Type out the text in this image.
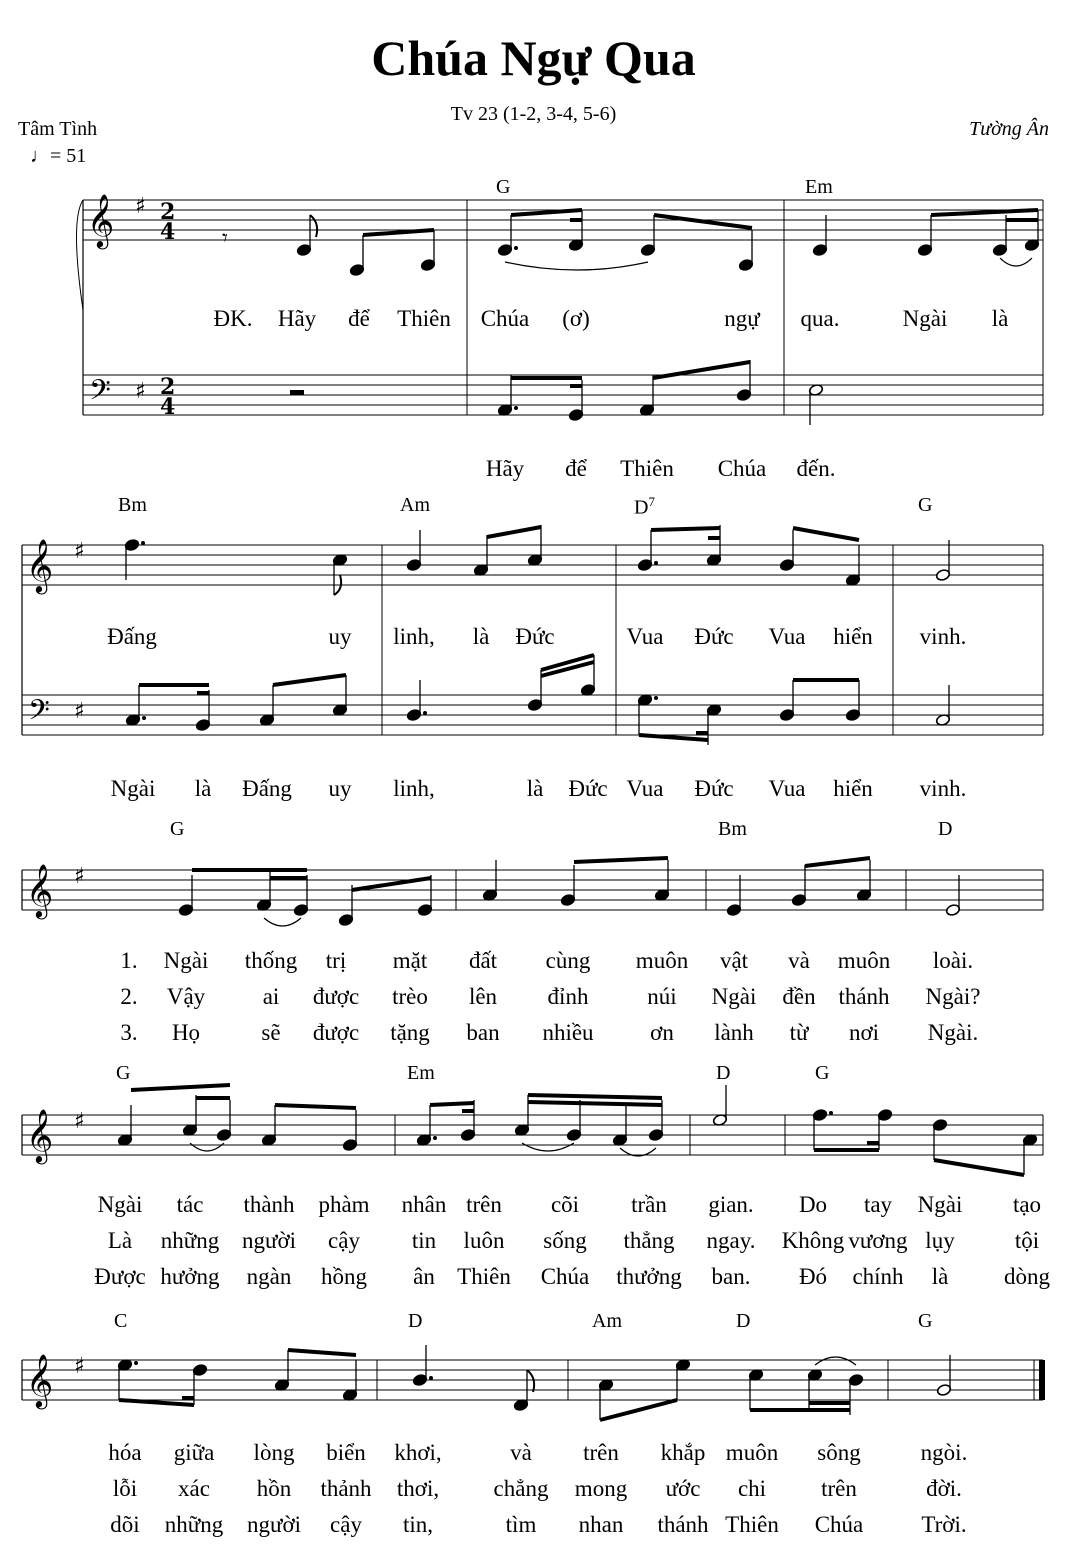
Chúa Ngự Qua
Tv 23 (1-2, 3-4, 5-6)
Tâm Tình	Tường Ân
♩= 51
𝄞 ♯ 2
4
𝄢 ♯ 2
4
𝄾
𝄞 ♯
𝄢 ♯
𝄞 ♯
𝄞 ♯
𝄞 ♯
G	Em
ĐK. Hãy để Thiên Chúa (ơ)	ngự qua.	Ngài là
Hãy để Thiên Chúa đến.
Bm	Am	$D^7$	G
Đấng	uy linh, là Đức	Vua Đức Vua hiển vinh.
Ngài là Đấng uy linh,	là Đức Vua Đức Vua hiển vinh.
G	Bm	D
1. Ngài thống trị mặt đất cùng muôn vật và muôn loài.
2. Vậy	ai được trèo lên đỉnh	núi Ngài đền thánh Ngài?
3. Họ	sẽ được tặng ban nhiều ơn lành từ nơi Ngài.
G	Em	D	G
Ngài tác thành phàm nhân trên cõi trần gian. Do tay Ngài tạo
Là những người cậy tin luôn sống thẳng ngay. Không vương lụy	tội
Được hưởng ngàn hồng ân Thiên Chúa thưởng ban. Đó chính là dòng
C	D	Am	D	G
hóa giữa lòng biển khơi,	và trên khắp muôn sông	ngòi.
lỗi xác hồn thảnh thơi, chẳng mong ước chi trên	đời.
dõi những người cậy tin,	tìm nhan thánh Thiên Chúa	Trời.
